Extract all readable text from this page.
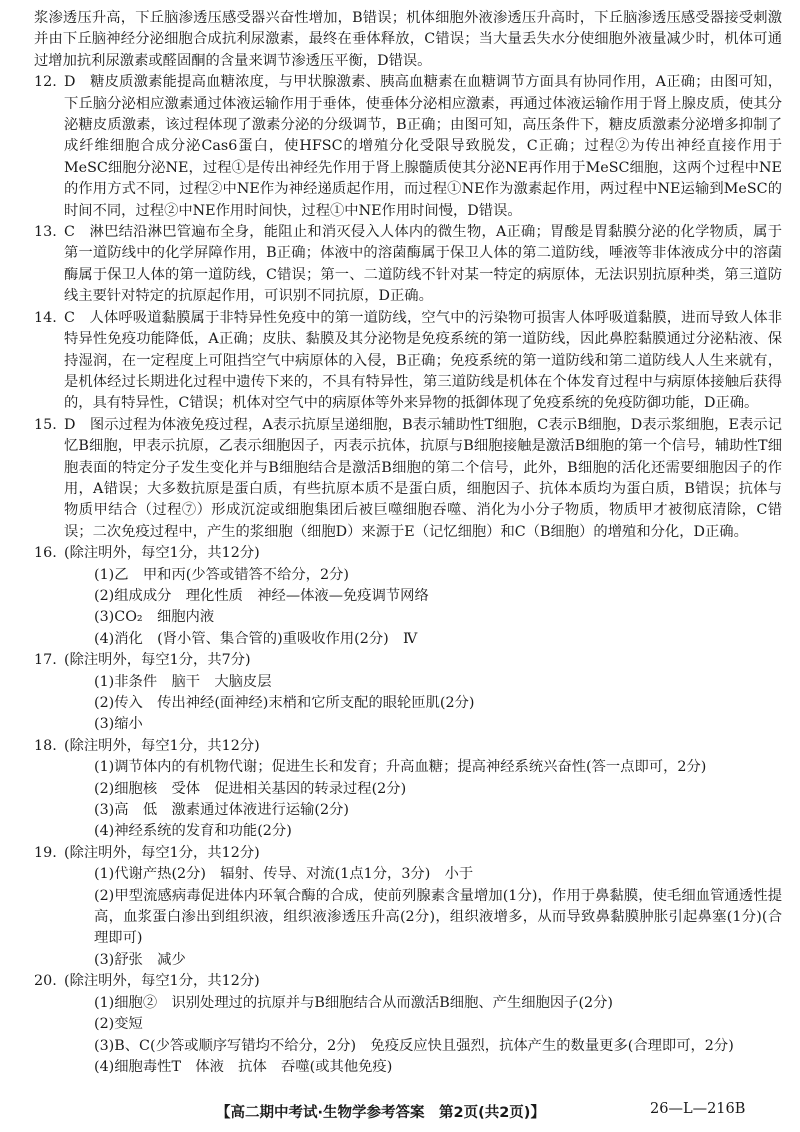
浆渗透压升高，下丘脑渗透压感受器兴奋性增加，B错误；机体细胞外液渗透压升高时，下丘脑渗透压感受器接受刺激并由下丘脑神经分泌细胞合成抗利尿激素，最终在垂体释放，C错误；当大量丢失水分使细胞外液量减少时，机体可通过增加抗利尿激素或醛固酮的含量来调节渗透压平衡，D错误。

12. D　糖皮质激素能提高血糖浓度，与甲状腺激素、胰高血糖素在血糖调节方面具有协同作用，A正确；由图可知，下丘脑分泌相应激素通过体液运输作用于垂体，使垂体分泌相应激素，再通过体液运输作用于肾上腺皮质，使其分泌糖皮质激素，该过程体现了激素分泌的分级调节，B正确；由图可知，高压条件下，糖皮质激素分泌增多抑制了成纤维细胞合成分泌Cas6蛋白，使HFSC的增殖分化受限导致脱发，C正确；过程②为传出神经直接作用于MeSC细胞分泌NE，过程①是传出神经先作用于肾上腺髓质使其分泌NE再作用于MeSC细胞，这两个过程中NE的作用方式不同，过程②中NE作为神经递质起作用，而过程①NE作为激素起作用，两过程中NE运输到MeSC的时间不同，过程②中NE作用时间快，过程①中NE作用时间慢，D错误。

13. C　淋巴结沿淋巴管遍布全身，能阻止和消灭侵入人体内的微生物，A正确；胃酸是胃黏膜分泌的化学物质，属于第一道防线中的化学屏障作用，B正确；体液中的溶菌酶属于保卫人体的第二道防线，唾液等非体液成分中的溶菌酶属于保卫人体的第一道防线，C错误；第一、二道防线不针对某一特定的病原体，无法识别抗原种类，第三道防线主要针对特定的抗原起作用，可识别不同抗原，D正确。

14. C　人体呼吸道黏膜属于非特异性免疫中的第一道防线，空气中的污染物可损害人体呼吸道黏膜，进而导致人体非特异性免疫功能降低，A正确；皮肤、黏膜及其分泌物是免疫系统的第一道防线，因此鼻腔黏膜通过分泌粘液、保持湿润，在一定程度上可阻挡空气中病原体的入侵，B正确；免疫系统的第一道防线和第二道防线人人生来就有，是机体经过长期进化过程中遗传下来的，不具有特异性，第三道防线是机体在个体发育过程中与病原体接触后获得的，具有特异性，C错误；机体对空气中的病原体等外来异物的抵御体现了免疫系统的免疫防御功能，D正确。

15. D　图示过程为体液免疫过程，A表示抗原呈递细胞，B表示辅助性T细胞，C表示B细胞，D表示浆细胞，E表示记忆B细胞，甲表示抗原，乙表示细胞因子，丙表示抗体，抗原与B细胞接触是激活B细胞的第一个信号，辅助性T细胞表面的特定分子发生变化并与B细胞结合是激活B细胞的第二个信号，此外，B细胞的活化还需要细胞因子的作用，A错误；大多数抗原是蛋白质，有些抗原本质不是蛋白质，细胞因子、抗体本质均为蛋白质，B错误；抗体与物质甲结合（过程⑦）形成沉淀或细胞集团后被巨噬细胞吞噬、消化为小分子物质，物质甲才被彻底清除，C错误；二次免疫过程中，产生的浆细胞（细胞D）来源于E（记忆细胞）和C（B细胞）的增殖和分化，D正确。

16. (除注明外，每空1分，共12分)

(1)乙　甲和丙(少答或错答不给分，2分)

(2)组成成分　理化性质　神经—体液—免疫调节网络

(3)CO₂　细胞内液

(4)消化　(肾小管、集合管的)重吸收作用(2分)　Ⅳ

17. (除注明外，每空1分，共7分)

(1)非条件　脑干　大脑皮层

(2)传入　传出神经(面神经)末梢和它所支配的眼轮匝肌(2分)

(3)缩小

18. (除注明外，每空1分，共12分)

(1)调节体内的有机物代谢；促进生长和发育；升高血糖；提高神经系统兴奋性(答一点即可，2分)

(2)细胞核　受体　促进相关基因的转录过程(2分)

(3)高　低　激素通过体液进行运输(2分)

(4)神经系统的发育和功能(2分)

19. (除注明外，每空1分，共12分)

(1)代谢产热(2分)　辐射、传导、对流(1点1分，3分)　小于

(2)甲型流感病毒促进体内环氧合酶的合成，使前列腺素含量增加(1分)，作用于鼻黏膜，使毛细血管通透性提高，血浆蛋白渗出到组织液，组织液渗透压升高(2分)，组织液增多，从而导致鼻黏膜肿胀引起鼻塞(1分)(合理即可)

(3)舒张　减少

20. (除注明外，每空1分，共12分)

(1)细胞②　识别处理过的抗原并与B细胞结合从而激活B细胞、产生细胞因子(2分)

(2)变短

(3)B、C(少答或顺序写错均不给分，2分)　免疫反应快且强烈，抗体产生的数量更多(合理即可，2分)

(4)细胞毒性T　体液　抗体　吞噬(或其他免疫)

【高二期中考试·生物学参考答案　第2页(共2页)】	26—L—216B
